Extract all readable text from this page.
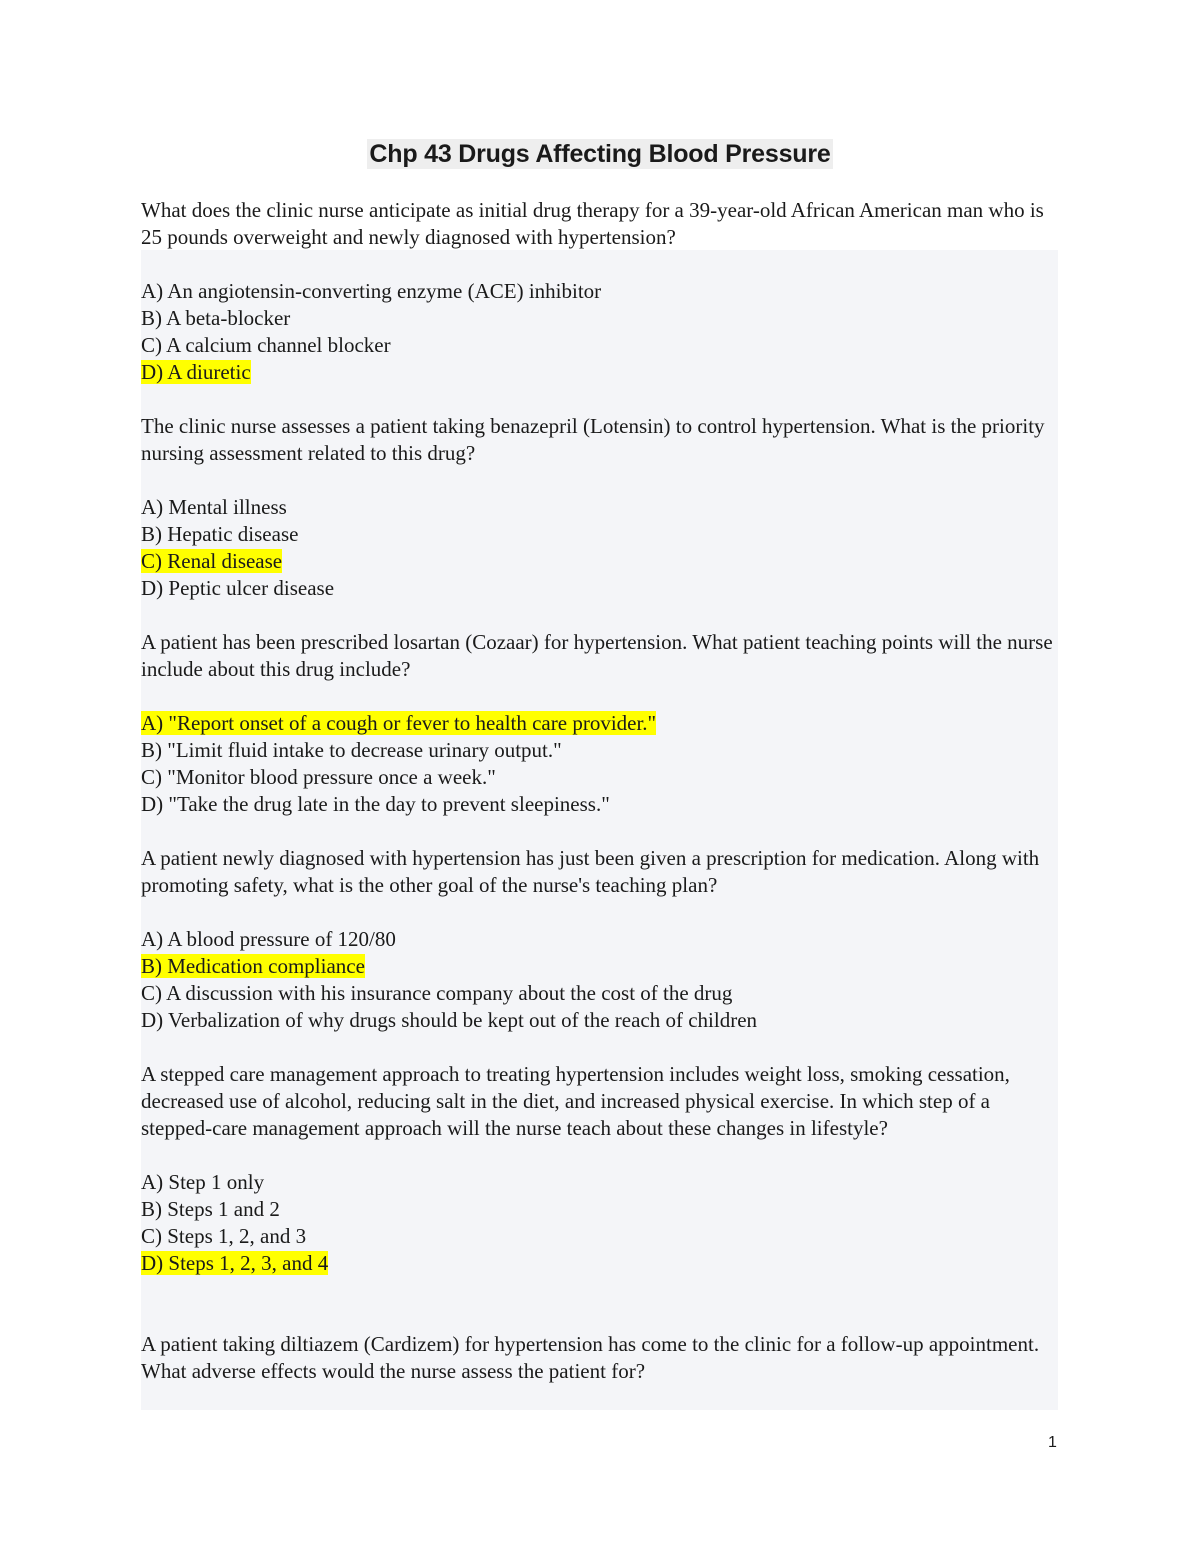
Chp 43 Drugs Affecting Blood Pressure
What does the clinic nurse anticipate as initial drug therapy for a 39-year-old African American man who is 25 pounds overweight and newly diagnosed with hypertension?

A) An angiotensin-converting enzyme (ACE) inhibitor

B) A beta-blocker

C) A calcium channel blocker

D) A diuretic

The clinic nurse assesses a patient taking benazepril (Lotensin) to control hypertension. What is the priority nursing assessment related to this drug?

A) Mental illness

B) Hepatic disease

C) Renal disease

D) Peptic ulcer disease

A patient has been prescribed losartan (Cozaar) for hypertension. What patient teaching points will the nurse include about this drug include?

A) "Report onset of a cough or fever to health care provider."

B) "Limit fluid intake to decrease urinary output."

C) "Monitor blood pressure once a week."

D) "Take the drug late in the day to prevent sleepiness."

A patient newly diagnosed with hypertension has just been given a prescription for medication. Along with promoting safety, what is the other goal of the nurse's teaching plan?

A) A blood pressure of 120/80

B) Medication compliance

C) A discussion with his insurance company about the cost of the drug

D) Verbalization of why drugs should be kept out of the reach of children

A stepped care management approach to treating hypertension includes weight loss, smoking cessation, decreased use of alcohol, reducing salt in the diet, and increased physical exercise. In which step of a stepped-care management approach will the nurse teach about these changes in lifestyle?

A) Step 1 only

B) Steps 1 and 2

C) Steps 1, 2, and 3

D) Steps 1, 2, 3, and 4

A patient taking diltiazem (Cardizem) for hypertension has come to the clinic for a follow-up appointment. What adverse effects would the nurse assess the patient for?

1
